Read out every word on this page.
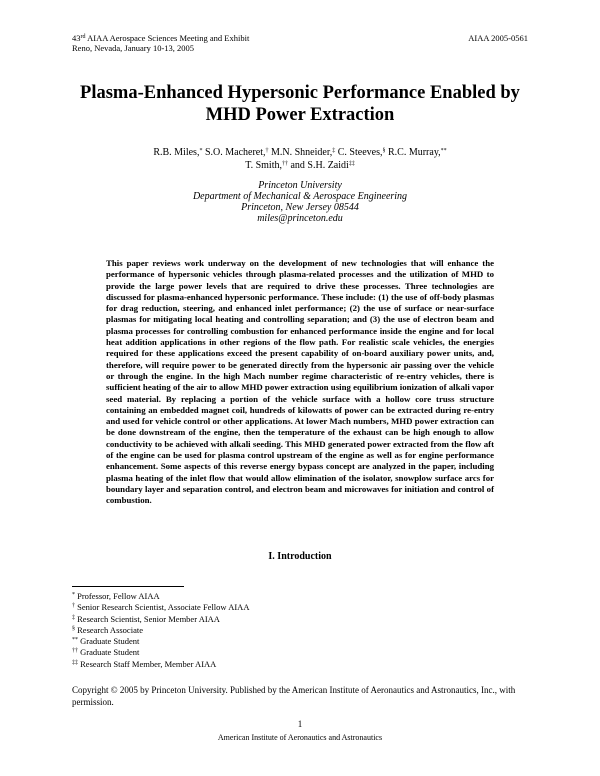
43rd AIAA Aerospace Sciences Meeting and Exhibit
Reno, Nevada, January 10-13, 2005
AIAA 2005-0561
Plasma-Enhanced Hypersonic Performance Enabled by
MHD Power Extraction
R.B. Miles,* S.O. Macheret,† M.N. Shneider,‡ C. Steeves,§ R.C. Murray,**
T. Smith,†† and S.H. Zaidi‡‡
Princeton University
Department of Mechanical & Aerospace Engineering
Princeton, New Jersey 08544
miles@princeton.edu
This paper reviews work underway on the development of new technologies that will enhance the performance of hypersonic vehicles through plasma-related processes and the utilization of MHD to provide the large power levels that are required to drive these processes. Three technologies are discussed for plasma-enhanced hypersonic performance. These include: (1) the use of off-body plasmas for drag reduction, steering, and enhanced inlet performance; (2) the use of surface or near-surface plasmas for mitigating local heating and controlling separation; and (3) the use of electron beam and plasma processes for controlling combustion for enhanced performance inside the engine and for local heat addition applications in other regions of the flow path. For realistic scale vehicles, the energies required for these applications exceed the present capability of on-board auxiliary power units, and, therefore, will require power to be generated directly from the hypersonic air passing over the vehicle or through the engine. In the high Mach number regime characteristic of re-entry vehicles, there is sufficient heating of the air to allow MHD power extraction using equilibrium ionization of alkali vapor seed material. By replacing a portion of the vehicle surface with a hollow core truss structure containing an embedded magnet coil, hundreds of kilowatts of power can be extracted during re-entry and used for vehicle control or other applications. At lower Mach numbers, MHD power extraction can be done downstream of the engine, then the temperature of the exhaust can be high enough to allow conductivity to be achieved with alkali seeding. This MHD generated power extracted from the flow aft of the engine can be used for plasma control upstream of the engine as well as for engine performance enhancement. Some aspects of this reverse energy bypass concept are analyzed in the paper, including plasma heating of the inlet flow that would allow elimination of the isolator, snowplow surface arcs for boundary layer and separation control, and electron beam and microwaves for initiation and control of combustion.
I. Introduction
* Professor, Fellow AIAA
† Senior Research Scientist, Associate Fellow AIAA
‡ Research Scientist, Senior Member AIAA
§ Research Associate
** Graduate Student
†† Graduate Student
‡‡ Research Staff Member, Member AIAA
Copyright © 2005 by Princeton University. Published by the American Institute of Aeronautics and Astronautics, Inc., with permission.
1
American Institute of Aeronautics and Astronautics
